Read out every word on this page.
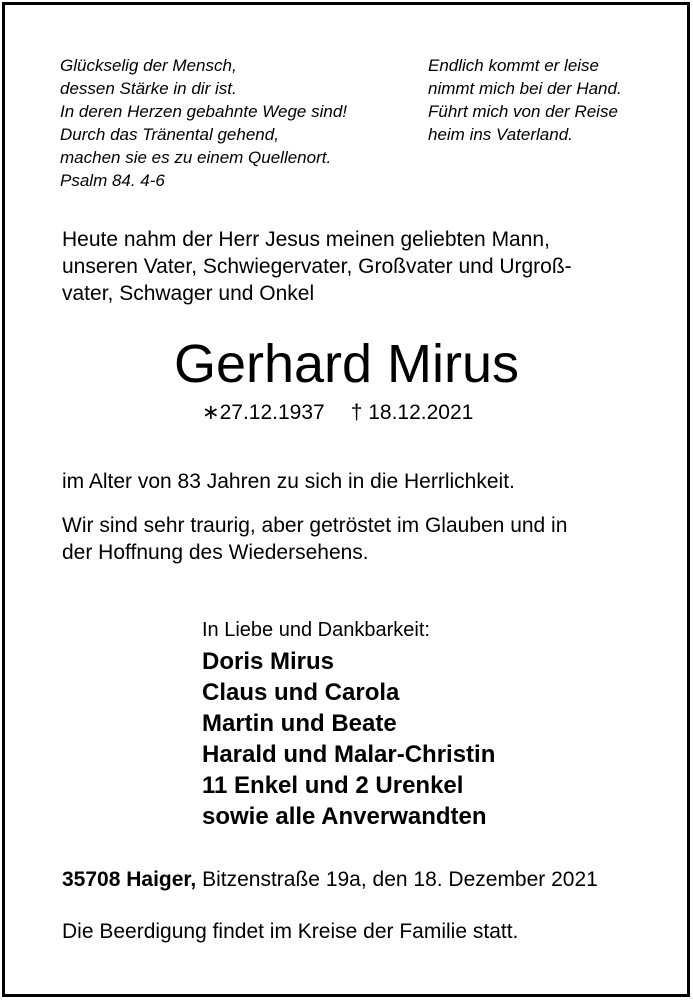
Glückselig der Mensch,
dessen Stärke in dir ist.
In deren Herzen gebahnte Wege sind!
Durch das Tränental gehend,
machen sie es zu einem Quellenort.
Psalm 84. 4-6
Endlich kommt er leise
nimmt mich bei der Hand.
Führt mich von der Reise
heim ins Vaterland.
Heute nahm der Herr Jesus meinen geliebten Mann,
unseren Vater, Schwiegervater, Großvater und Urgroß-
vater, Schwager und Onkel
Gerhard Mirus
∗27.12.1937 † 18.12.2021
im Alter von 83 Jahren zu sich in die Herrlichkeit.
Wir sind sehr traurig, aber getröstet im Glauben und in
der Hoffnung des Wiedersehens.
In Liebe und Dankbarkeit:
Doris Mirus
Claus und Carola
Martin und Beate
Harald und Malar-Christin
11 Enkel und 2 Urenkel
sowie alle Anverwandten
35708 Haiger, Bitzenstraße 19a, den 18. Dezember 2021
Die Beerdigung findet im Kreise der Familie statt.
